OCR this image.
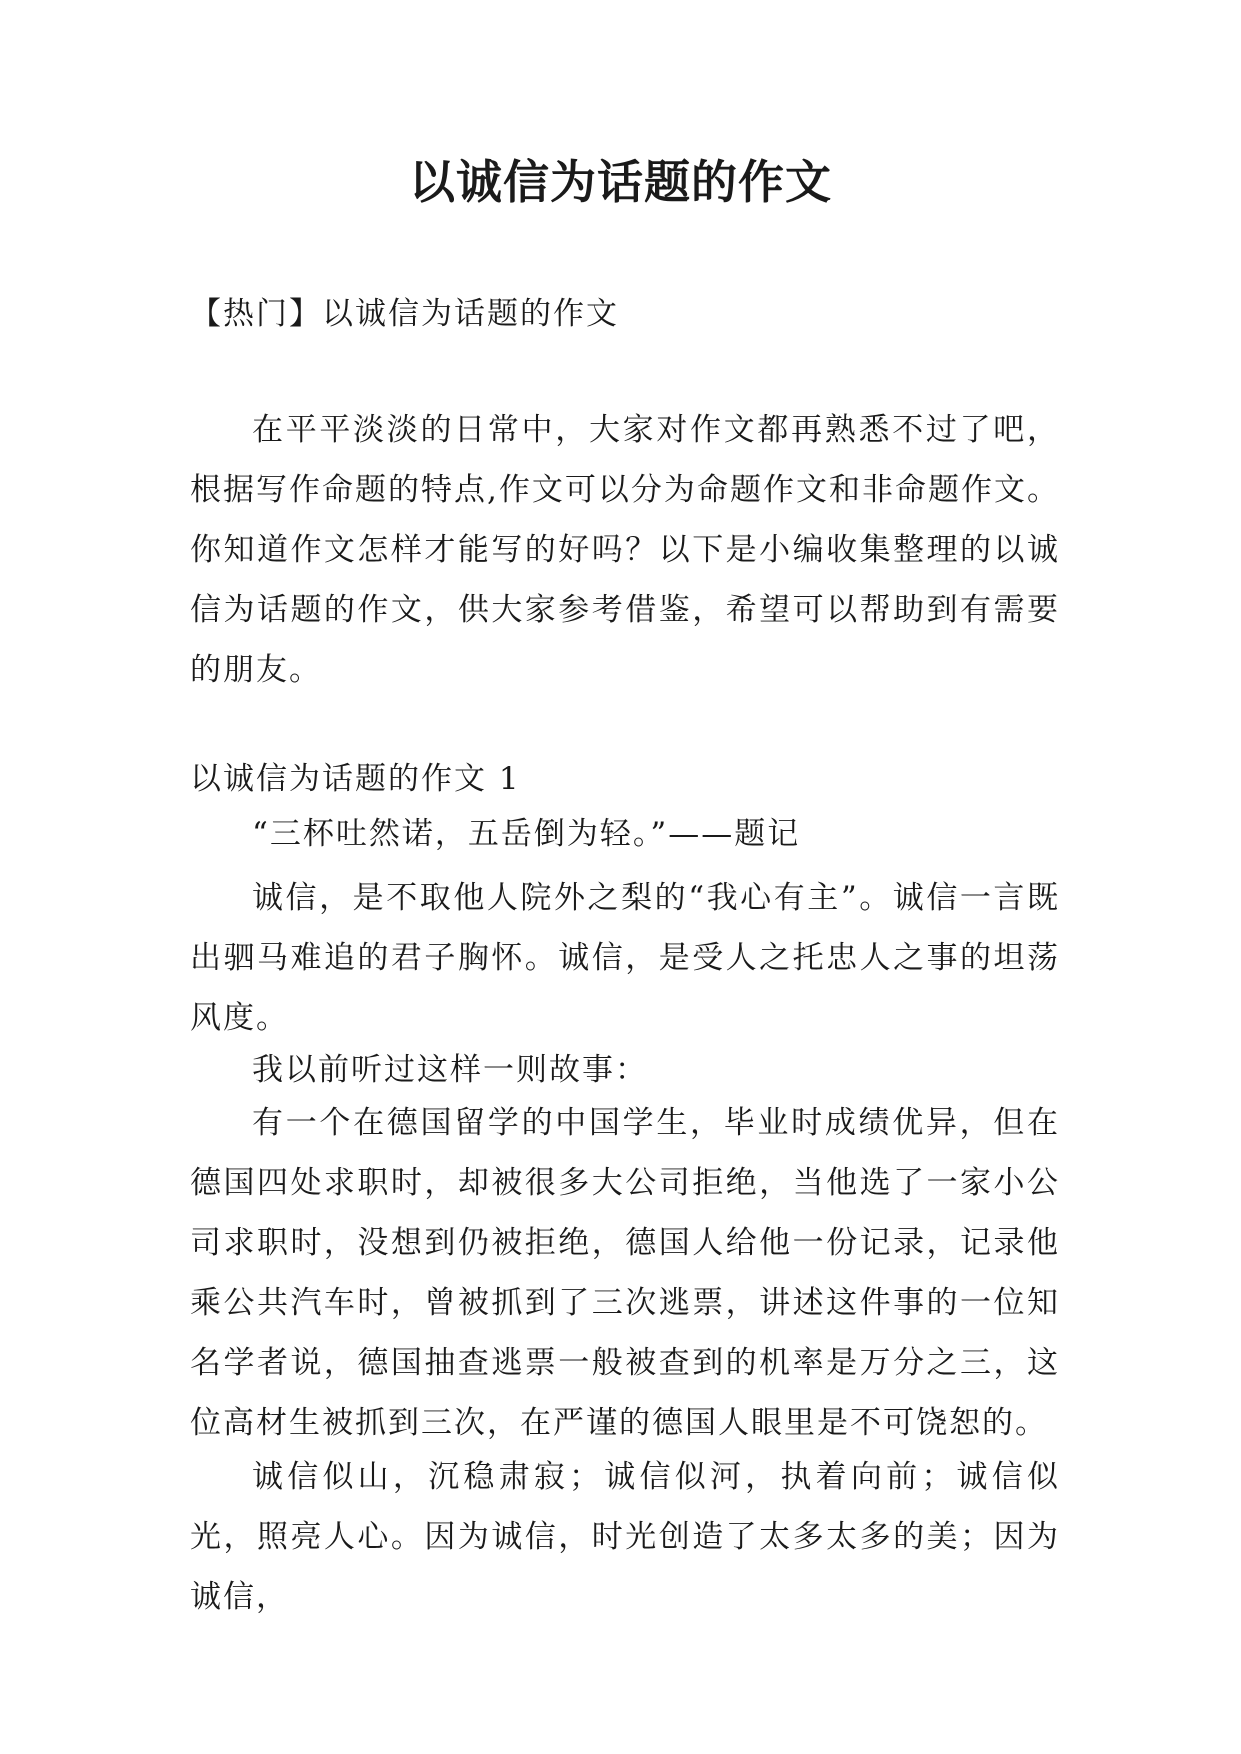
以诚信为话题的作文
【热门】以诚信为话题的作文

在平平淡淡的日常中，大家对作文都再熟悉不过了吧，根据写作命题的特点,作文可以分为命题作文和非命题作文。你知道作文怎样才能写的好吗？以下是小编收集整理的以诚信为话题的作文，供大家参考借鉴，希望可以帮助到有需要的朋友。

以诚信为话题的作文 1

“三杯吐然诺，五岳倒为轻。”——题记

诚信，是不取他人院外之梨的“我心有主”。诚信一言既出驷马难追的君子胸怀。诚信，是受人之托忠人之事的坦荡风度。

我以前听过这样一则故事：

有一个在德国留学的中国学生，毕业时成绩优异，但在德国四处求职时，却被很多大公司拒绝，当他选了一家小公司求职时，没想到仍被拒绝，德国人给他一份记录，记录他乘公共汽车时，曾被抓到了三次逃票，讲述这件事的一位知名学者说，德国抽查逃票一般被查到的机率是万分之三，这位高材生被抓到三次，在严谨的德国人眼里是不可饶恕的。

诚信似山，沉稳肃寂；诚信似河，执着向前；诚信似光，照亮人心。因为诚信，时光创造了太多太多的美；因为诚信，
